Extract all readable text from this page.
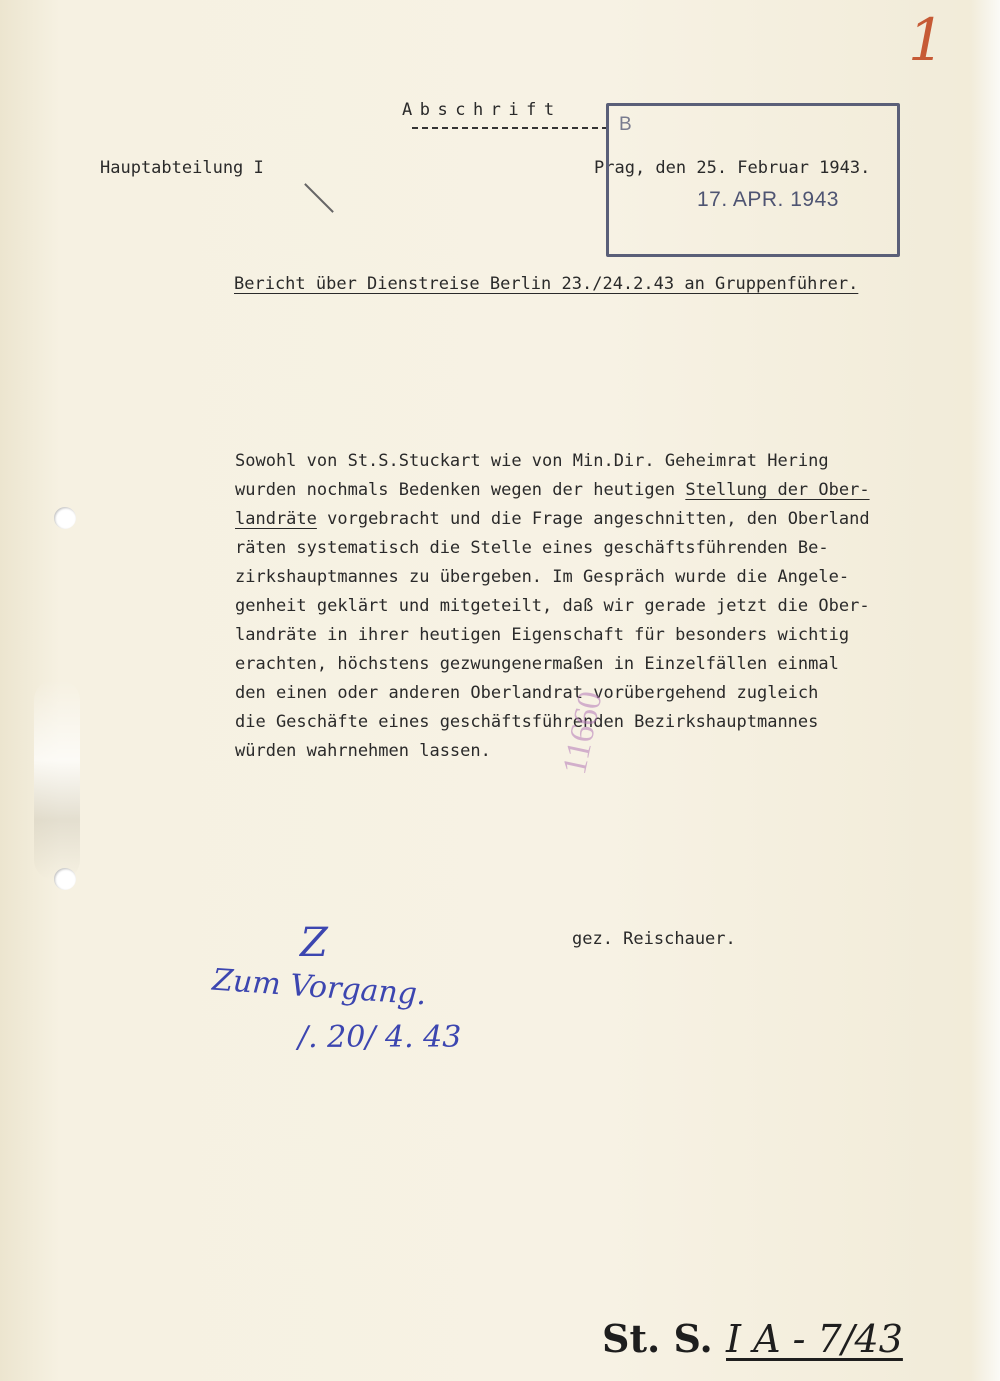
1
Abschrift
Hauptabteilung I	Prag, den 25. Februar 1943.
B
17. APR. 1943
Bericht über Dienstreise Berlin 23./24.2.43 an Gruppenführer.
Sowohl von St.S.Stuckart wie von Min.Dir. Geheimrat Hering
wurden nochmals Bedenken wegen der heutigen Stellung der Ober-
landräte vorgebracht und die Frage angeschnitten, den Oberland
räten systematisch die Stelle eines geschäftsführenden Be-
zirkshauptmannes zu übergeben. Im Gespräch wurde die Angele-
genheit geklärt und mitgeteilt, daß wir gerade jetzt die Ober-
landräte in ihrer heutigen Eigenschaft für besonders wichtig
erachten, höchstens gezwungenermaßen in Einzelfällen einmal
den einen oder anderen Oberlandrat vorübergehend zugleich
die Geschäfte eines geschäftsführenden Bezirkshauptmannes
würden wahrnehmen lassen. 11660
gez. Reischauer.
Z
Zum Vorgang.
/. 20/ 4. 43
St. S. I A - 7/43
